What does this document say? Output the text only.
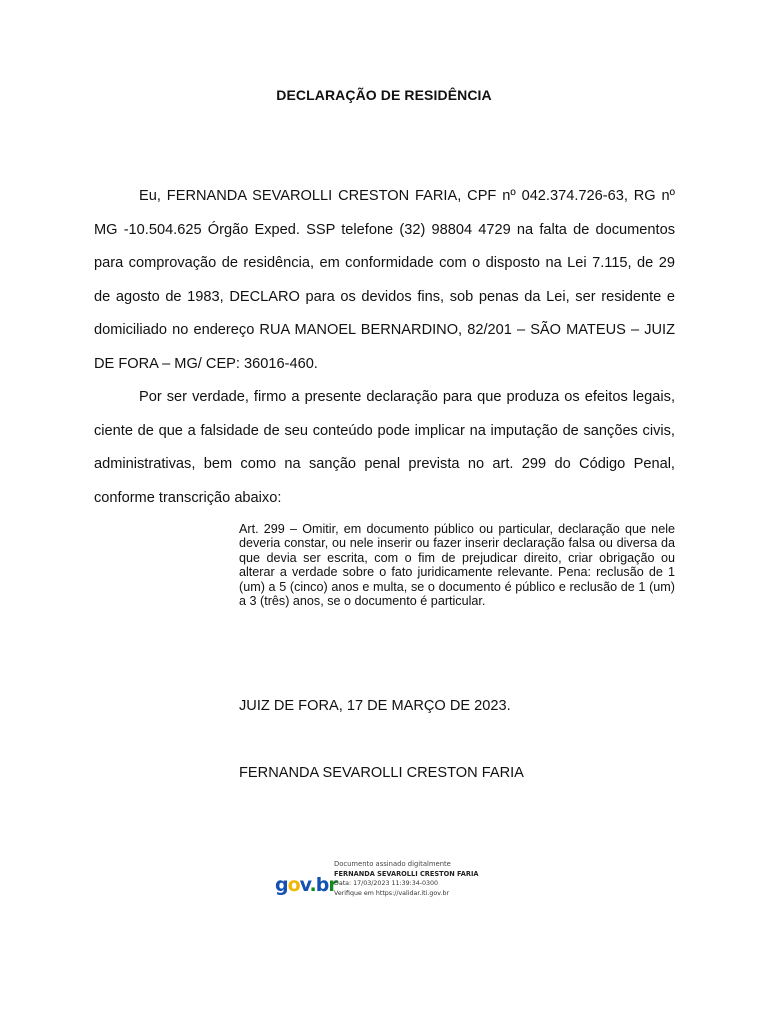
DECLARAÇÃO DE RESIDÊNCIA

Eu, FERNANDA SEVAROLLI CRESTON FARIA, CPF nº 042.374.726-63, RG nº MG -10.504.625 Órgão Exped. SSP telefone (32) 98804 4729 na falta de documentos para comprovação de residência, em conformidade com o disposto na Lei 7.115, de 29 de agosto de 1983, DECLARO para os devidos fins, sob penas da Lei, ser residente e domiciliado no endereço RUA MANOEL BERNARDINO, 82/201 – SÃO MATEUS – JUIZ DE FORA – MG/ CEP: 36016-460.

Por ser verdade, firmo a presente declaração para que produza os efeitos legais, ciente de que a falsidade de seu conteúdo pode implicar na imputação de sanções civis, administrativas, bem como na sanção penal prevista no art. 299 do Código Penal, conforme transcrição abaixo:

Art. 299 – Omitir, em documento público ou particular, declaração que nele deveria constar, ou nele inserir ou fazer inserir declaração falsa ou diversa da que devia ser escrita, com o fim de prejudicar direito, criar obrigação ou alterar a verdade sobre o fato juridicamente relevante. Pena: reclusão de 1 (um) a 5 (cinco) anos e multa, se o documento é público e reclusão de 1 (um) a 3 (três) anos, se o documento é particular.

JUIZ DE FORA, 17 DE MARÇO DE 2023.
FERNANDA SEVAROLLI CRESTON FARIA
gov.br
Documento assinado digitalmente
FERNANDA SEVAROLLI CRESTON FARIA
Data: 17/03/2023 11:39:34-0300
Verifique em https://validar.iti.gov.br
